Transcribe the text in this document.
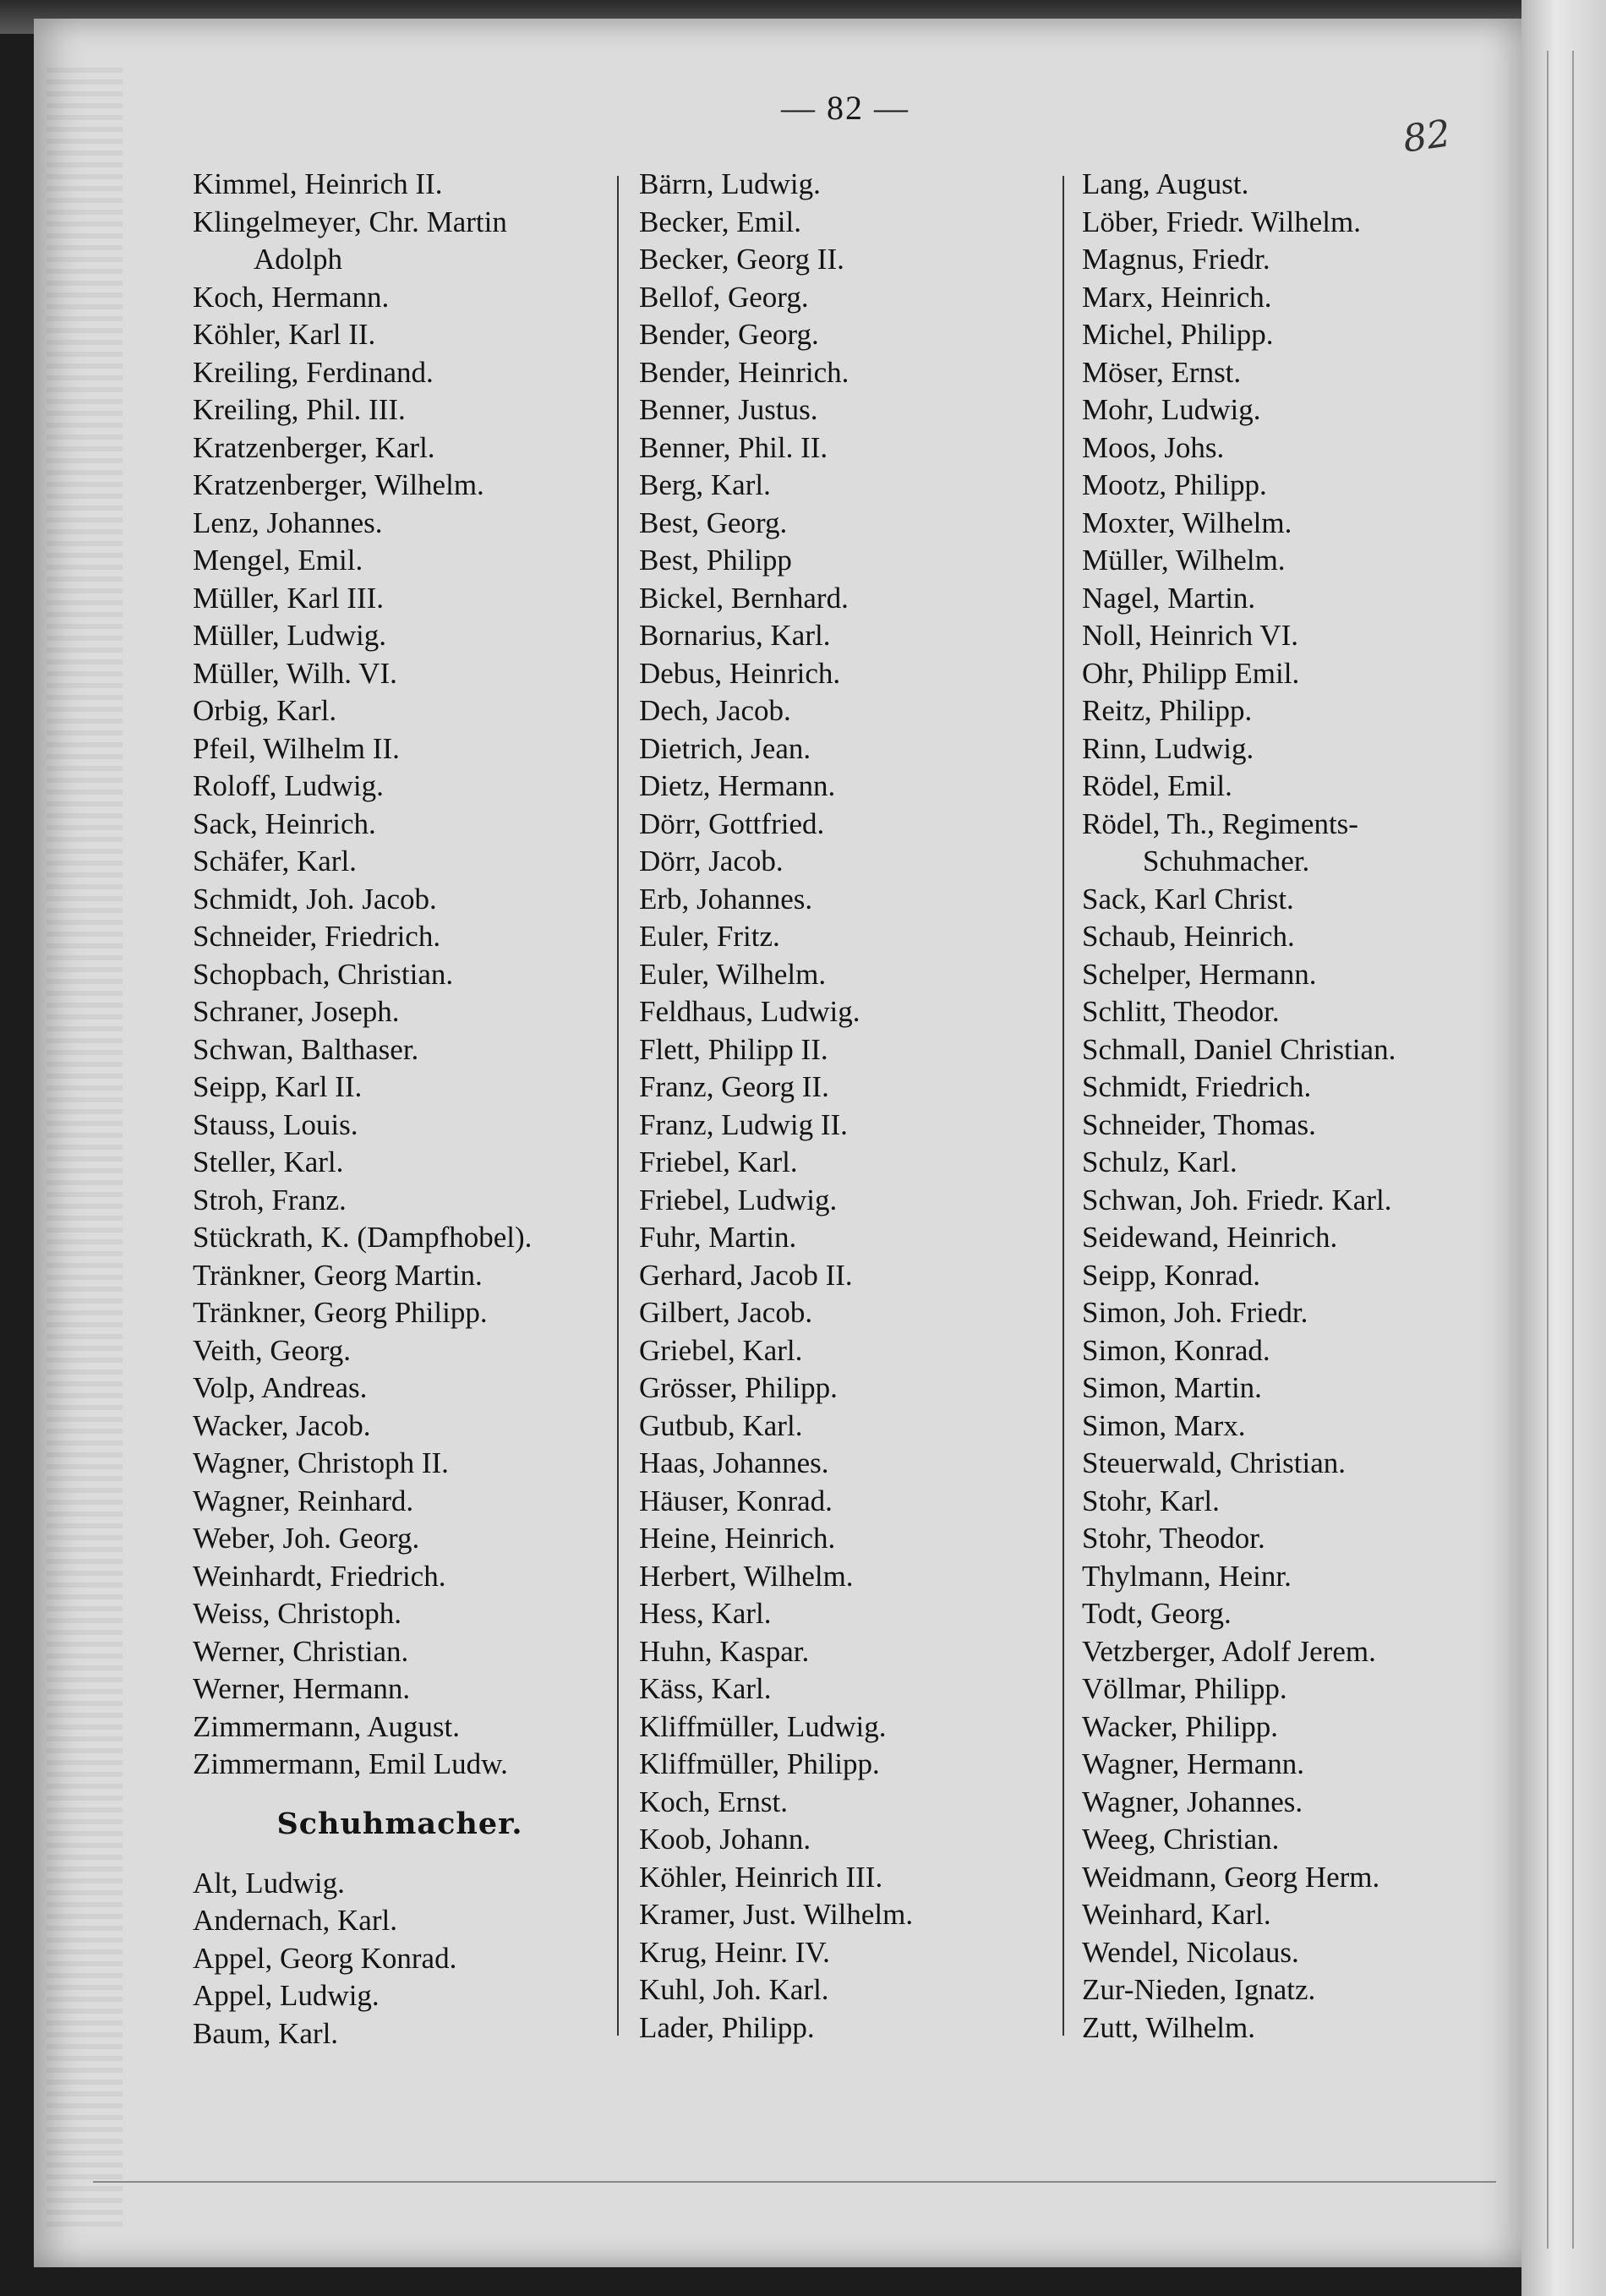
— 82 —
82
Kimmel, Heinrich II.
Klingelmeyer, Chr. Martin
Adolph
Koch, Hermann.
Köhler, Karl II.
Kreiling, Ferdinand.
Kreiling, Phil. III.
Kratzenberger, Karl.
Kratzenberger, Wilhelm.
Lenz, Johannes.
Mengel, Emil.
Müller, Karl III.
Müller, Ludwig.
Müller, Wilh. VI.
Orbig, Karl.
Pfeil, Wilhelm II.
Roloff, Ludwig.
Sack, Heinrich.
Schäfer, Karl.
Schmidt, Joh. Jacob.
Schneider, Friedrich.
Schopbach, Christian.
Schraner, Joseph.
Schwan, Balthaser.
Seipp, Karl II.
Stauss, Louis.
Steller, Karl.
Stroh, Franz.
Stückrath, K. (Dampfhobel).
Tränkner, Georg Martin.
Tränkner, Georg Philipp.
Veith, Georg.
Volp, Andreas.
Wacker, Jacob.
Wagner, Christoph II.
Wagner, Reinhard.
Weber, Joh. Georg.
Weinhardt, Friedrich.
Weiss, Christoph.
Werner, Christian.
Werner, Hermann.
Zimmermann, August.
Zimmermann, Emil Ludw.
Schuhmacher.
Alt, Ludwig.
Andernach, Karl.
Appel, Georg Konrad.
Appel, Ludwig.
Baum, Karl.
Bärrn, Ludwig.
Becker, Emil.
Becker, Georg II.
Bellof, Georg.
Bender, Georg.
Bender, Heinrich.
Benner, Justus.
Benner, Phil. II.
Berg, Karl.
Best, Georg.
Best, Philipp
Bickel, Bernhard.
Bornarius, Karl.
Debus, Heinrich.
Dech, Jacob.
Dietrich, Jean.
Dietz, Hermann.
Dörr, Gottfried.
Dörr, Jacob.
Erb, Johannes.
Euler, Fritz.
Euler, Wilhelm.
Feldhaus, Ludwig.
Flett, Philipp II.
Franz, Georg II.
Franz, Ludwig II.
Friebel, Karl.
Friebel, Ludwig.
Fuhr, Martin.
Gerhard, Jacob II.
Gilbert, Jacob.
Griebel, Karl.
Grösser, Philipp.
Gutbub, Karl.
Haas, Johannes.
Häuser, Konrad.
Heine, Heinrich.
Herbert, Wilhelm.
Hess, Karl.
Huhn, Kaspar.
Käss, Karl.
Kliffmüller, Ludwig.
Kliffmüller, Philipp.
Koch, Ernst.
Koob, Johann.
Köhler, Heinrich III.
Kramer, Just. Wilhelm.
Krug, Heinr. IV.
Kuhl, Joh. Karl.
Lader, Philipp.
Lang, August.
Löber, Friedr. Wilhelm.
Magnus, Friedr.
Marx, Heinrich.
Michel, Philipp.
Möser, Ernst.
Mohr, Ludwig.
Moos, Johs.
Mootz, Philipp.
Moxter, Wilhelm.
Müller, Wilhelm.
Nagel, Martin.
Noll, Heinrich VI.
Ohr, Philipp Emil.
Reitz, Philipp.
Rinn, Ludwig.
Rödel, Emil.
Rödel, Th., Regiments-
Schuhmacher.
Sack, Karl Christ.
Schaub, Heinrich.
Schelper, Hermann.
Schlitt, Theodor.
Schmall, Daniel Christian.
Schmidt, Friedrich.
Schneider, Thomas.
Schulz, Karl.
Schwan, Joh. Friedr. Karl.
Seidewand, Heinrich.
Seipp, Konrad.
Simon, Joh. Friedr.
Simon, Konrad.
Simon, Martin.
Simon, Marx.
Steuerwald, Christian.
Stohr, Karl.
Stohr, Theodor.
Thylmann, Heinr.
Todt, Georg.
Vetzberger, Adolf Jerem.
Völlmar, Philipp.
Wacker, Philipp.
Wagner, Hermann.
Wagner, Johannes.
Weeg, Christian.
Weidmann, Georg Herm.
Weinhard, Karl.
Wendel, Nicolaus.
Zur-Nieden, Ignatz.
Zutt, Wilhelm.
